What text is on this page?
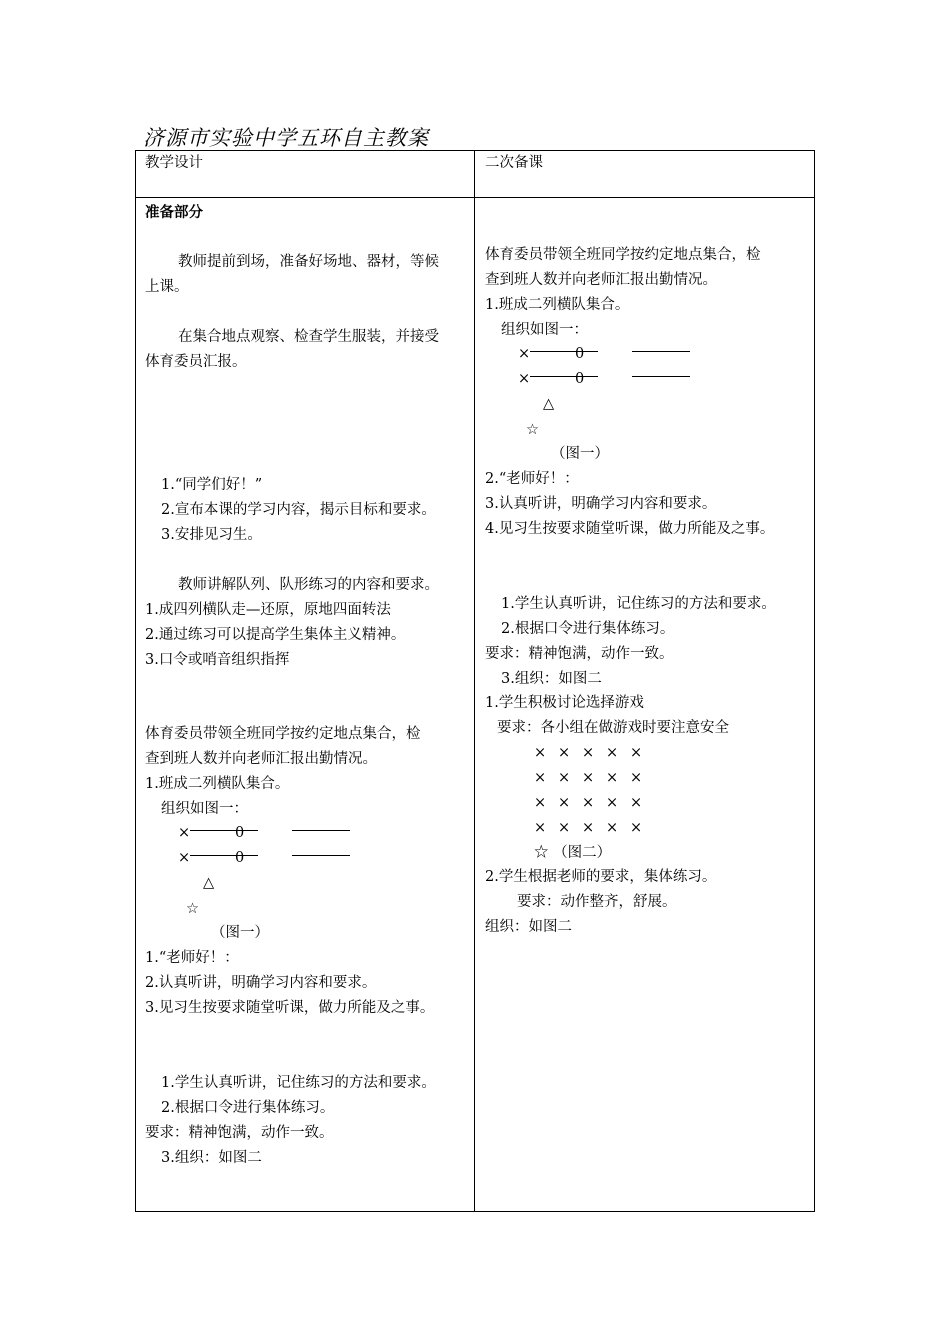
济源市实验中学五环自主教案
教学设计	二次备课
准备部分
教师提前到场，准备好场地、器材，等候
上课。
在集合地点观察、检查学生服装，并接受
体育委员汇报。
1.“同学们好！”
2.宣布本课的学习内容，揭示目标和要求。
3.安排见习生。
教师讲解队列、队形练习的内容和要求。
1.成四列横队走—还原，原地四面转法
2.通过练习可以提高学生集体主义精神。
3.口令或哨音组织指挥
体育委员带领全班同学按约定地点集合，检
查到班人数并向老师汇报出勤情况。
1.班成二列横队集合。
组织如图一：
×	0
×	0
△
☆
（图一）
1.“老师好！：
2.认真听讲，明确学习内容和要求。
3.见习生按要求随堂听课，做力所能及之事。
1.学生认真听讲，记住练习的方法和要求。
2.根据口令进行集体练习。
要求：精神饱满，动作一致。
3.组织：如图二
体育委员带领全班同学按约定地点集合，检
查到班人数并向老师汇报出勤情况。
1.班成二列横队集合。
组织如图一：
×	0
×	0
△
☆
（图一）
2.“老师好！：
3.认真听讲，明确学习内容和要求。
4.见习生按要求随堂听课，做力所能及之事。
1.学生认真听讲，记住练习的方法和要求。
2.根据口令进行集体练习。
要求：精神饱满，动作一致。
3.组织：如图二
1.学生积极讨论选择游戏
要求：各小组在做游戏时要注意安全
× × × × ×
× × × × ×
× × × × ×
× × × × ×
☆ （图二）
2.学生根据老师的要求，集体练习。
要求：动作整齐，舒展。
组织：如图二
